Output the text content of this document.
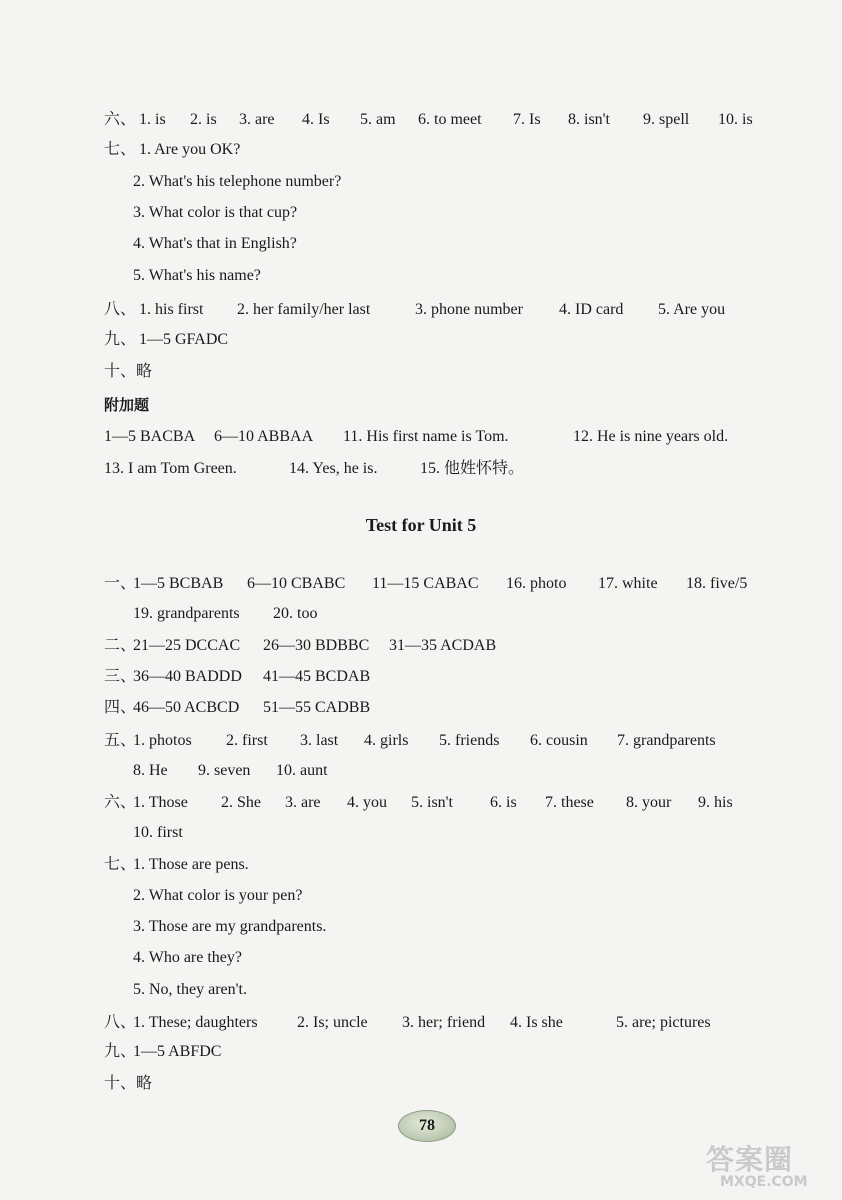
六、 1. is 2. is 3. are 4. Is 5. am 6. to meet 7. Is 8. isn't 9. spell 10. is
七、 1. Are you OK?
2. What's his telephone number?
3. What color is that cup?
4. What's that in English?
5. What's his name?
八、 1. his first 2. her family/her last	3. phone number 4. ID card 5. Are you
九、 1—5 GFADC
十、略
附加题
1—5 BACBA 6—10 ABBAA 11. His first name is Tom.	12. He is nine years old.
13. I am Tom Green.	14. Yes, he is.	15. 他姓怀特。
Test for Unit 5
一、
1—5 BCBAB 6—10 CBABC 11—15 CABAC 16. photo 17. white 18. five/5
19. grandparents 20. too
二、
21—25 DCCAC 26—30 BDBBC 31—35 ACDAB
三、
36—40 BADDD 41—45 BCDAB
四、
46—50 ACBCD 51—55 CADBB
五、
1. photos 2. first 3. last 4. girls 5. friends 6. cousin 7. grandparents
8. He 9. seven 10. aunt
六、
1. Those 2. She 3. are 4. you 5. isn't 6. is 7. these 8. your 9. his
10. first
七、
1. Those are pens.
2. What color is your pen?
3. Those are my grandparents.
4. Who are they?
5. No, they aren't.
八、
1. These; daughters 2. Is; uncle 3. her; friend 4. Is she	5. are; pictures
九、
1—5 ABFDC
十、略
78
答案圈
MXQE.COM
